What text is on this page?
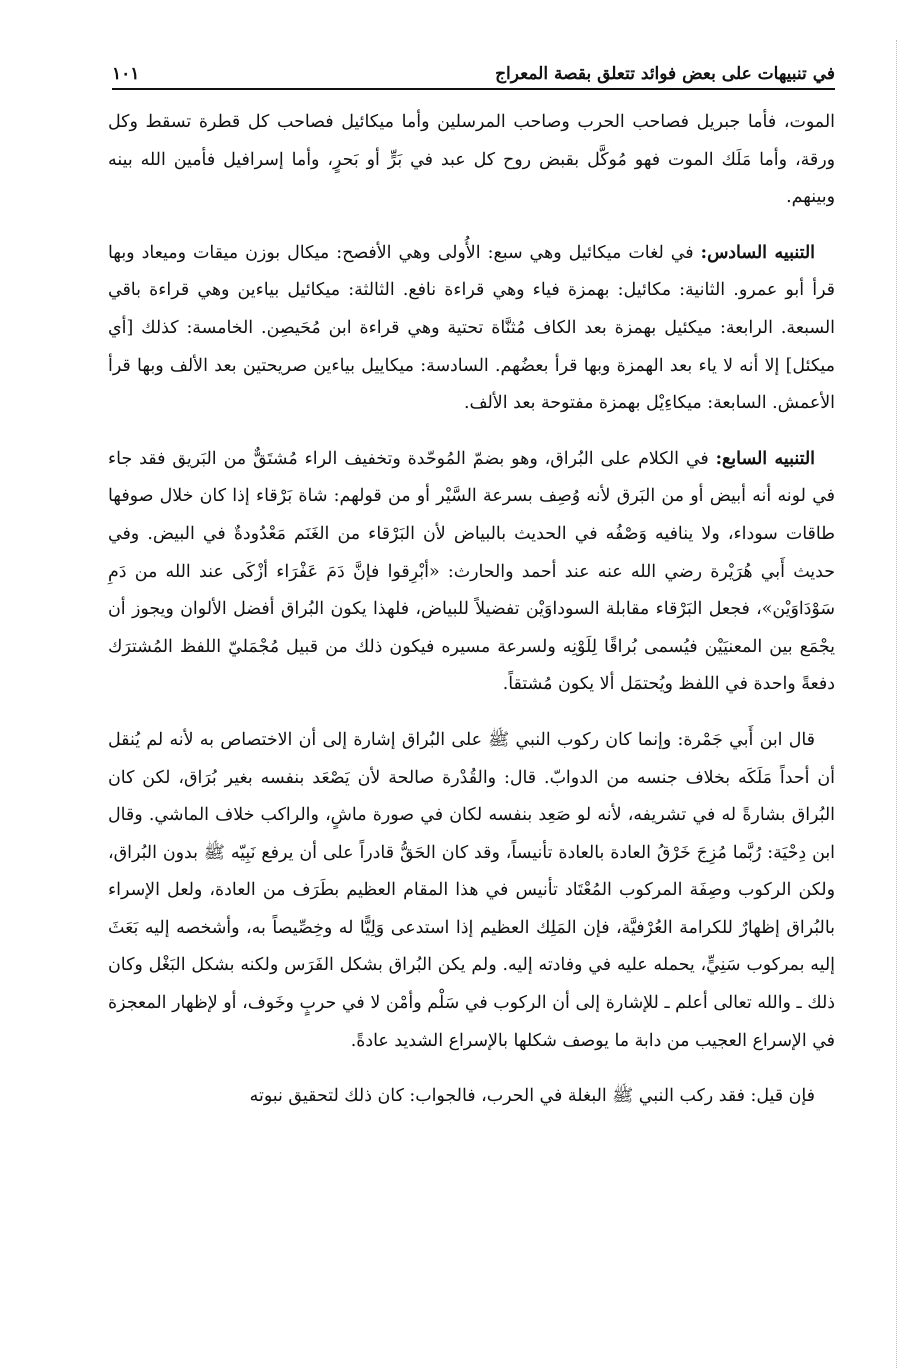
في تنبيهات على بعض فوائد تتعلق بقصة المعراج
١٠١

الموت، فأما جبريل فصاحب الحرب وصاحب المرسلين وأما ميكائيل فصاحب كل قطرة تسقط وكل ورقة، وأما مَلَك الموت فهو مُوكَّل بقبض روح كل عبد في بَرٍّ أو بَحرٍ، وأما إسرافيل فأمين الله بينه وبينهم.

التنبيه السادس: في لغات ميكائيل وهي سبع: الأُولى وهي الأفصح: ميكال بوزن ميقات وميعاد وبها قرأ أبو عمرو. الثانية: مكائيل: بهمزة فياء وهي قراءة نافع. الثالثة: ميكائيل بياءين وهي قراءة باقي السبعة. الرابعة: ميكئيل بهمزة بعد الكاف مُثنَّاة تحتية وهي قراءة ابن مُحَيصِن. الخامسة: كذلك [أي ميكئل] إلا أنه لا ياء بعد الهمزة وبها قرأ بعضُهم. السادسة: ميكاييل بياءين صريحتين بعد الألف وبها قرأ الأعمش. السابعة: ميكاءِيْل بهمزة مفتوحة بعد الألف.

التنبيه السابع: في الكلام على البُراق، وهو بضمّ المُوحّدة وتخفيف الراء مُشتَقٌّ من البَريق فقد جاء في لونه أنه أبيض أو من البَرق لأنه وُصِف بسرعة السَّيْر أو من قولهم: شاة بَرْقاء إذا كان خلال صوفها طاقات سوداء، ولا ينافيه وَصْفُه في الحديث بالبياض لأن البَرْقاء من الغَنَم مَعْدُودةٌ في البيض. وفي حديث أَبي هُرَيْرة رضي الله عنه عند أحمد والحارث: «أبْرِقوا فإنَّ دَمَ عَفْرَاء أزْكَى عند الله من دَمِ سَوْدَاوَيْن»، فجعل البَرْقاء مقابلة السوداوَيْن تفضيلاً للبياض، فلهذا يكون البُراق أفضل الألوان ويجوز أن يجْمَع بين المعنيَيْن فيُسمى بُراقًا لِلَوْنِه ولسرعة مسيره فيكون ذلك من قبيل مُجْمَليّ اللفظ المُشترَك دفعةً واحدة في اللفظ ويُحتمَل ألا يكون مُشتقاً.

قال ابن أَبي جَمْرة: وإنما كان ركوب النبي ﷺ على البُراق إشارة إلى أن الاختصاص به لأنه لم يُنقل أن أحداً مَلَكَه بخلاف جنسه من الدوابّ. قال: والقُدْرة صالحة لأن يَصْعَد بنفسه بغير بُرَاق، لكن كان البُراق بشارةً له في تشريفه، لأنه لو صَعِد بنفسه لكان في صورة ماشٍ، والراكب خلاف الماشي. وقال ابن دِحْيَة: رُبَّما مُزِجَ خَرْقُ العادة بالعادة تأنيساً، وقد كان الحَقُّ قادراً على أن يرفع نَبِيّه ﷺ بدون البُراق، ولكن الركوب وصِفَة المركوب المُعْتَاد تأنيس في هذا المقام العظيم بطَرَف من العادة، ولعل الإسراء بالبُراق إظهارٌ للكرامة العُرْفيَّة، فإن المَلِك العظيم إذا استدعى وَلِيًّا له وخِصِّيصاً به، وأشخصه إليه بَعَثَ إليه بمركوب سَنِيٍّ، يحمله عليه في وفادته إليه. ولم يكن البُراق بشكل الفَرَس ولكنه بشكل البَغْل وكان ذلك ـ والله تعالى أعلم ـ للإشارة إلى أن الركوب في سَلْم وأمْن لا في حربٍ وخَوف، أو لإظهار المعجزة في الإسراع العجيب من دابة ما يوصف شكلها بالإسراع الشديد عادةً.

فإن قيل: فقد ركب النبي ﷺ البغلة في الحرب، فالجواب: كان ذلك لتحقيق نبوته
